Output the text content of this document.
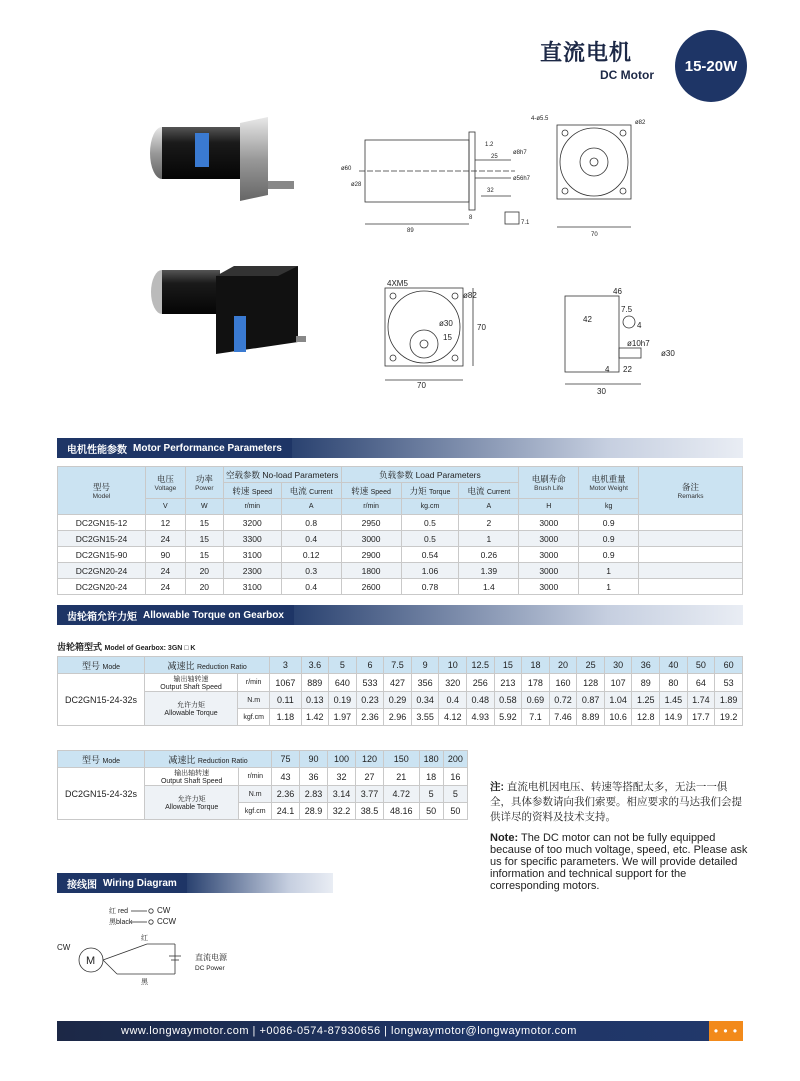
直流电机
DC Motor
15-20W
4-ø5.5
ø82
1.2
25
ø8h7
ø60
ø28
ø56h7
32
8
89
7.1
70
4XM5
ø82
ø30
15
70
70
46
42
7.5
4
ø10h7
ø30
4 22
30
电机性能参数 Motor Performance Parameters
型号
Model	电压
Voltage	功率
Power	空载参数 No-load Parameters		负载参数 Load Parameters			电刷寿命
Brush Life	电机重量
Motor Weight	备注
Remarks

			转速 Speed	电流 Current	转速 Speed	力矩 Torque	电流 Current			
	V	W	r/min	A	r/min	kg.cm	A	H	kg	
DC2GN15-12	12	15	3200	0.8	2950	0.5	2	3000	0.9	
DC2GN15-24	24	15	3300	0.4	3000	0.5	1	3000	0.9	
DC2GN15-90	90	15	3100	0.12	2900	0.54	0.26	3000	0.9	
DC2GN20-24	24	20	2300	0.3	1800	1.06	1.39	3000	1	
DC2GN20-24	24	20	3100	0.4	2600	0.78	1.4	3000	1	
齿轮箱允许力矩 Allowable Torque on Gearbox
齿轮箱型式 Model of Gearbox: 3GN □ K
型号 Mode	减速比 Reduction Ratio		3	3.6	5	6	7.5	9	10	12.5	15	18	20	25	30	36	40	50	60
DC2GN15-24-32s	输出轴转速
Output Shaft Speed	r/min	1067	889	640	533	427	356	320	256	213	178	160	128	107	89	80	64	53
	允许力矩
Allowable Torque	N.m	0.11	0.13	0.19	0.23	0.29	0.34	0.4	0.48	0.58	0.69	0.72	0.87	1.04	1.25	1.45	1.74	1.89
		kgf.cm	1.18	1.42	1.97	2.36	2.96	3.55	4.12	4.93	5.92	7.1	7.46	8.89	10.6	12.8	14.9	17.7	19.2
型号 Mode	减速比 Reduction Ratio		75	90	100	120	150	180	200
DC2GN15-24-32s	输出轴转速
Output Shaft Speed	r/min	43	36	32	27	21	18	16
	允许力矩
Allowable Torque	N.m	2.36	2.83	3.14	3.77	4.72	5	5
		kgf.cm	24.1	28.9	32.2	38.5	48.16	50	50
注: 直流电机因电压、转速等搭配太多，无法一一俱全，具体参数请向我们索要。相应要求的马达我们会提供详尽的资料及技术支持。
Note: The DC motor can not be fully equipped because of too much voltage, speed, etc. Please ask us for specific parameters. We will provide detailed information and technical support for the corresponding motors.
接线图 Wiring Diagram
红 red
黑black
CW
CCW
红
黑
CW
M	直流电源
DC Power
www.longwaymotor.com | +0086-0574-87930656 | longwaymotor@longwaymotor.com	• • •
